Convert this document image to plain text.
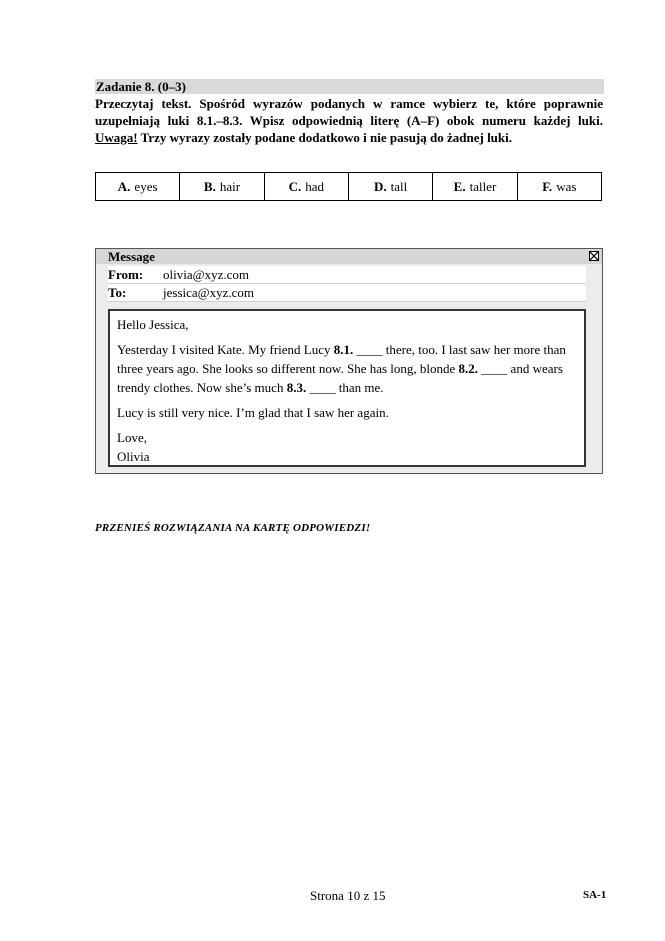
Zadanie 8. (0–3)
Przeczytaj tekst. Spośród wyrazów podanych w ramce wybierz te, które poprawnie uzupełniają luki 8.1.–8.3. Wpisz odpowiednią literę (A–F) obok numeru każdej luki. Uwaga! Trzy wyrazy zostały podane dodatkowo i nie pasują do żadnej luki.
A. eyes	B. hair	C. had	D. tall	E. taller	F. was
Message
From: olivia@xyz.com
To:	jessica@xyz.com

Hello Jessica,

Yesterday I visited Kate. My friend Lucy 8.1. ____ there, too. I last saw her more than three years ago. She looks so different now. She has long, blonde 8.2. ____ and wears trendy clothes. Now she’s much 8.3. ____ than me.

Lucy is still very nice. I’m glad that I saw her again.

Love,
Olivia
PRZENIEŚ ROZWIĄZANIA NA KARTĘ ODPOWIEDZI!
Strona 10 z 15	SA-1
